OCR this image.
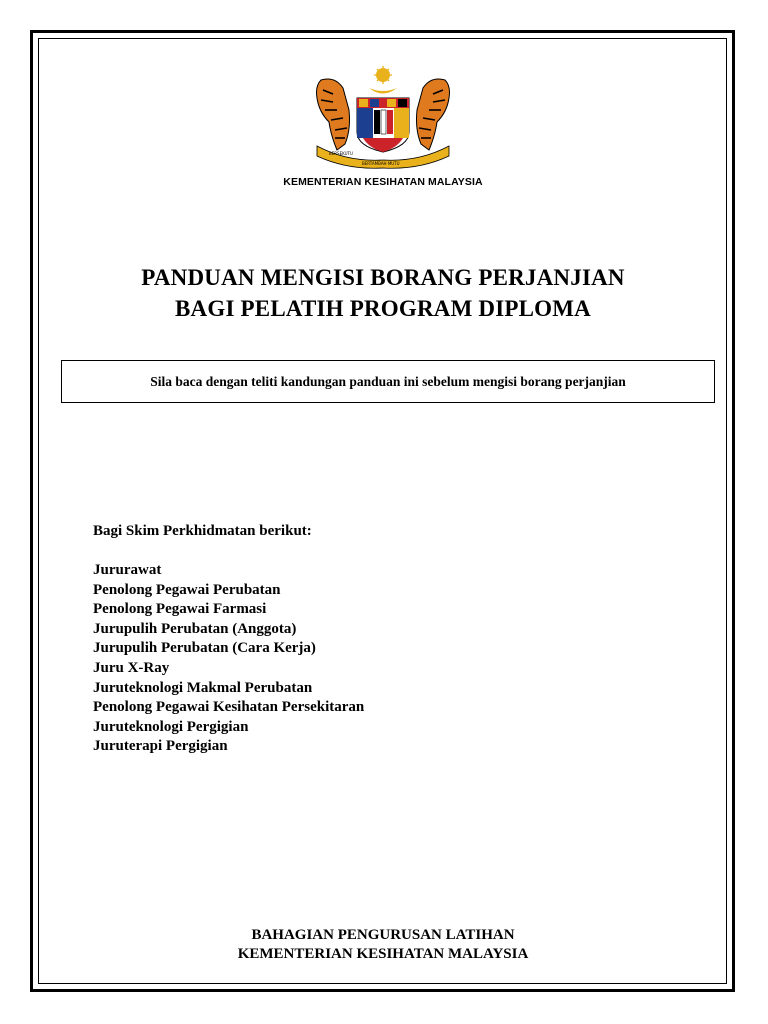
BERSEKUTU
BERTAMBAH MUTU
KEMENTERIAN KESIHATAN MALAYSIA
PANDUAN MENGISI BORANG PERJANJIAN
BAGI PELATIH PROGRAM DIPLOMA
Sila baca dengan teliti kandungan panduan ini sebelum mengisi borang perjanjian
Bagi Skim Perkhidmatan berikut:
Jururawat
Penolong Pegawai Perubatan
Penolong Pegawai Farmasi
Jurupulih Perubatan (Anggota)
Jurupulih Perubatan (Cara Kerja)
Juru X-Ray
Juruteknologi Makmal Perubatan
Penolong Pegawai Kesihatan Persekitaran
Juruteknologi Pergigian
Juruterapi Pergigian
BAHAGIAN PENGURUSAN LATIHAN
KEMENTERIAN KESIHATAN MALAYSIA
